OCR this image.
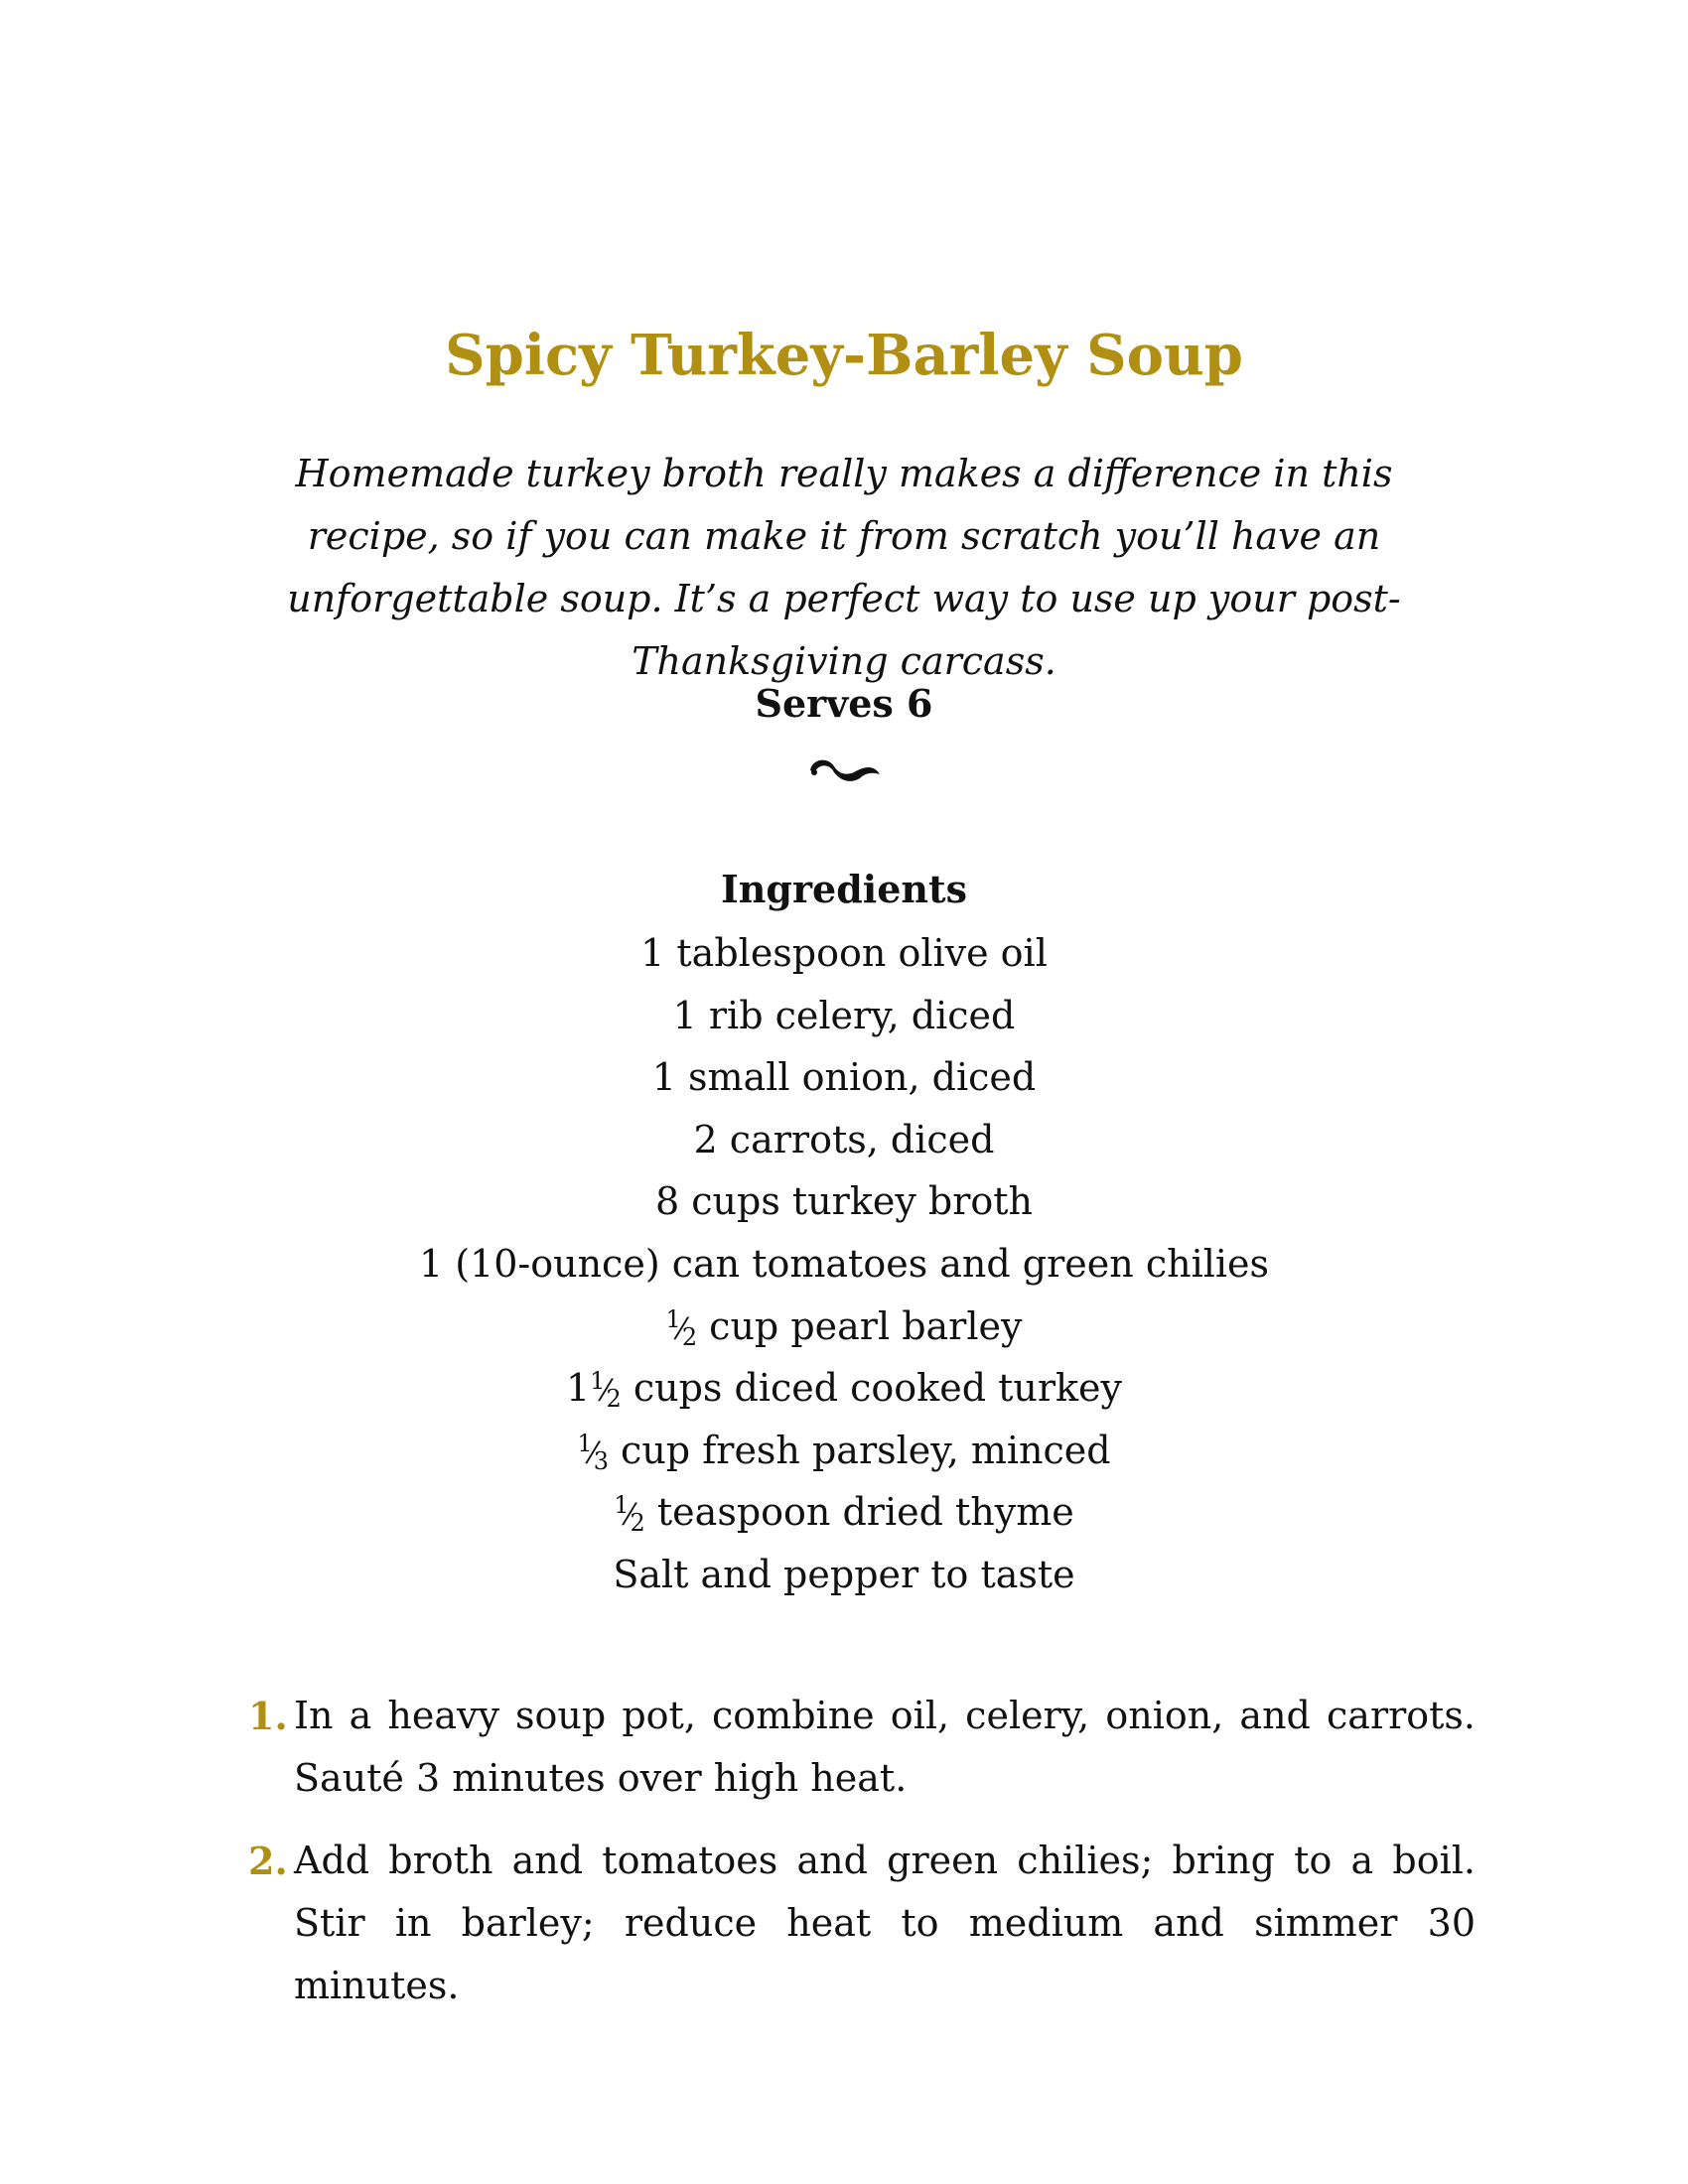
Spicy Turkey-Barley Soup

Homemade turkey broth really makes a difference in this recipe, so if you can make it from scratch you’ll have an unforgettable soup. It’s a perfect way to use up your post-Thanksgiving carcass.

Serves 6

Ingredients
1 tablespoon olive oil
1 rib celery, diced
1 small onion, diced
2 carrots, diced
8 cups turkey broth
1 (10-ounce) can tomatoes and green chilies
$^1⁄_2$ cup pearl barley
$1^1⁄_2$ cups diced cooked turkey
$^1⁄_3$ cup fresh parsley, minced
$^1⁄_2$ teaspoon dried thyme
Salt and pepper to taste
1. In a heavy soup pot, combine oil, celery, onion, and carrots. Sauté 3 minutes over high heat.
2. Add broth and tomatoes and green chilies; bring to a boil. Stir in barley; reduce heat to medium and simmer 30 minutes.
